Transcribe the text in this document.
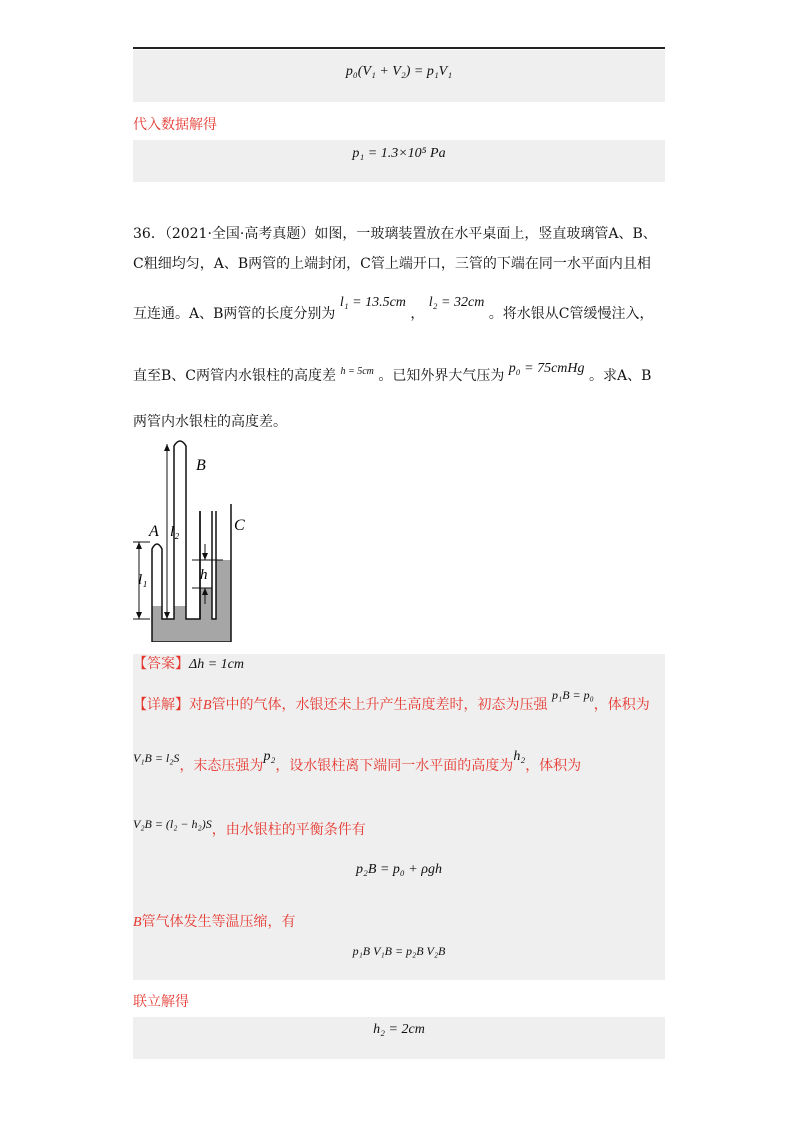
p₀(V₁ + V₂) = p₁V₁
代入数据解得
p₁ = 1.3×10⁵ Pa
36．（2021·全国·高考真题）如图，一玻璃装置放在水平桌面上，竖直玻璃管A、B、
C粗细均匀，A、B两管的上端封闭，C管上端开口，三管的下端在同一水平面内且相
互连通。A、B两管的长度分别为 l₁ = 13.5cm ， l₂ = 32cm 。将水银从C管缓慢注入，
直至B、C两管内水银柱的高度差 h = 5cm 。已知外界大气压为 p₀ = 75cmHg 。求A、B
两管内水银柱的高度差。
A
B
C
l₁
l₂
h
【答案】Δh = 1cm
【详解】对B管中的气体，水银还未上升产生高度差时，初态为压强 p₁B = p₀，体积为
V₁B = l₂S，末态压强为p₂，设水银柱离下端同一水平面的高度为h₂，体积为
V₂B = (l₂ − h₂)S，由水银柱的平衡条件有
p₂B = p₀ + ρgh
B管气体发生等温压缩，有
p₁B V₁B = p₂B V₂B
联立解得
h₂ = 2cm
